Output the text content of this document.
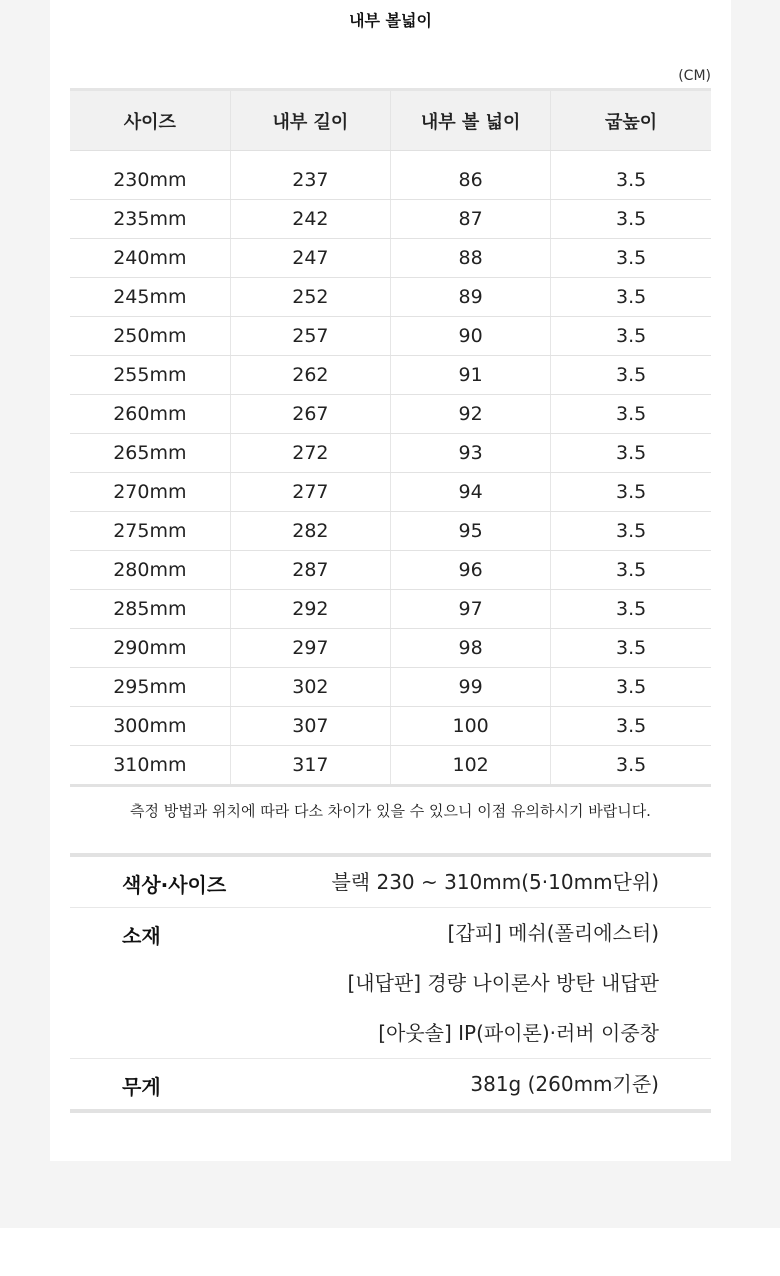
내부 볼넓이
(CM)
사이즈	내부 길이	내부 볼 넓이	굽높이

230mm	237	86	3.5
235mm	242	87	3.5
240mm	247	88	3.5
245mm	252	89	3.5
250mm	257	90	3.5
255mm	262	91	3.5
260mm	267	92	3.5
265mm	272	93	3.5
270mm	277	94	3.5
275mm	282	95	3.5
280mm	287	96	3.5
285mm	292	97	3.5
290mm	297	98	3.5
295mm	302	99	3.5
300mm	307	100	3.5
310mm	317	102	3.5
측정 방법과 위치에 따라 다소 차이가 있을 수 있으니 이점 유의하시기 바랍니다.
색상·사이즈	블랙 230 ~ 310mm(5·10mm단위)
소재	[갑피] 메쉬(폴리에스터)
[내답판] 경량 나이론사 방탄 내답판
[아웃솔] IP(파이론)·러버 이중창
무게	381g (260mm기준)
